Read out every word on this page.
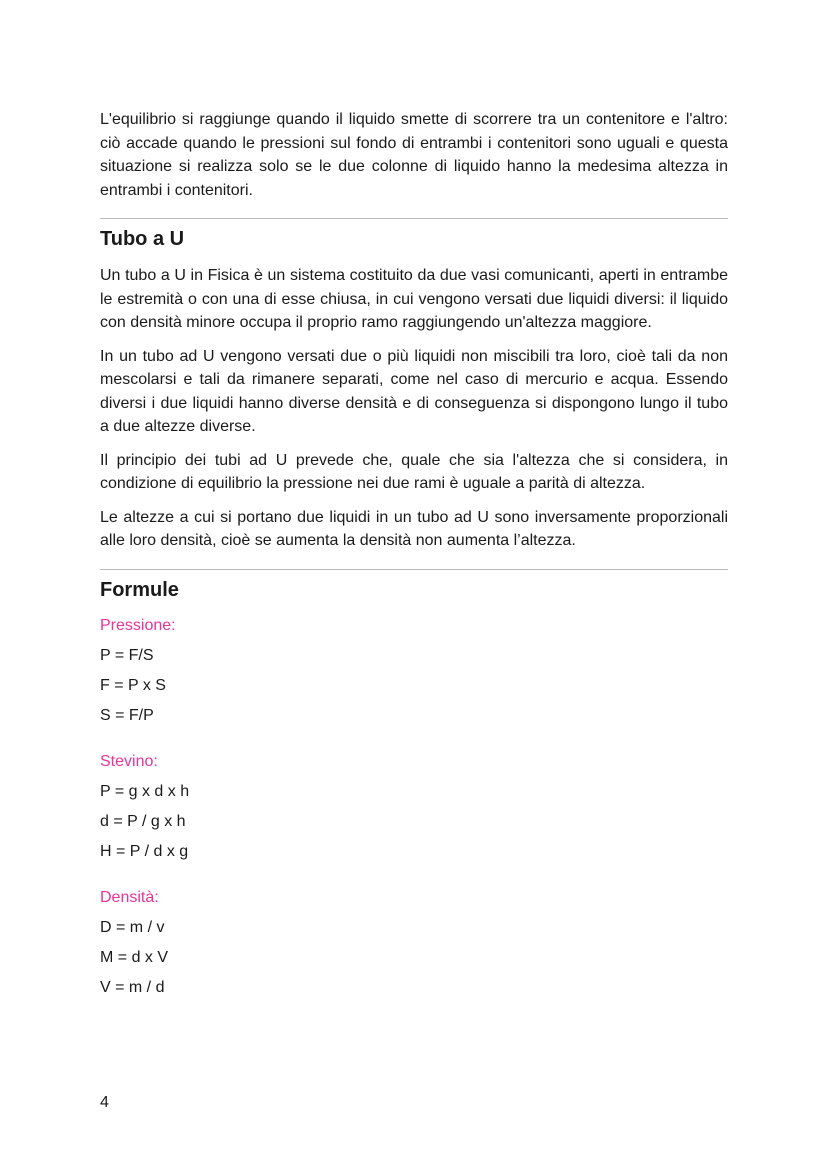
L'equilibrio si raggiunge quando il liquido smette di scorrere tra un contenitore e l'altro: ciò accade quando le pressioni sul fondo di entrambi i contenitori sono uguali e questa situazione si realizza solo se le due colonne di liquido hanno la medesima altezza in entrambi i contenitori.

Tubo a U

Un tubo a U in Fisica è un sistema costituito da due vasi comunicanti, aperti in entrambe le estremità o con una di esse chiusa, in cui vengono versati due liquidi diversi: il liquido con densità minore occupa il proprio ramo raggiungendo un'altezza maggiore.

In un tubo ad U vengono versati due o più liquidi non miscibili tra loro, cioè tali da non mescolarsi e tali da rimanere separati, come nel caso di mercurio e acqua. Essendo diversi i due liquidi hanno diverse densità e di conseguenza si dispongono lungo il tubo a due altezze diverse.

Il principio dei tubi ad U prevede che, quale che sia l'altezza che si considera, in condizione di equilibrio la pressione nei due rami è uguale a parità di altezza.

Le altezze a cui si portano due liquidi in un tubo ad U sono inversamente proporzionali alle loro densità, cioè se aumenta la densità non aumenta l’altezza.

Formule
Pressione:
P = F/S
F = P x S
S = F/P
Stevino:
P = g x d x h
d = P / g x h
H = P / d x g
Densità:
D = m / v
M = d x V
V = m / d
4
